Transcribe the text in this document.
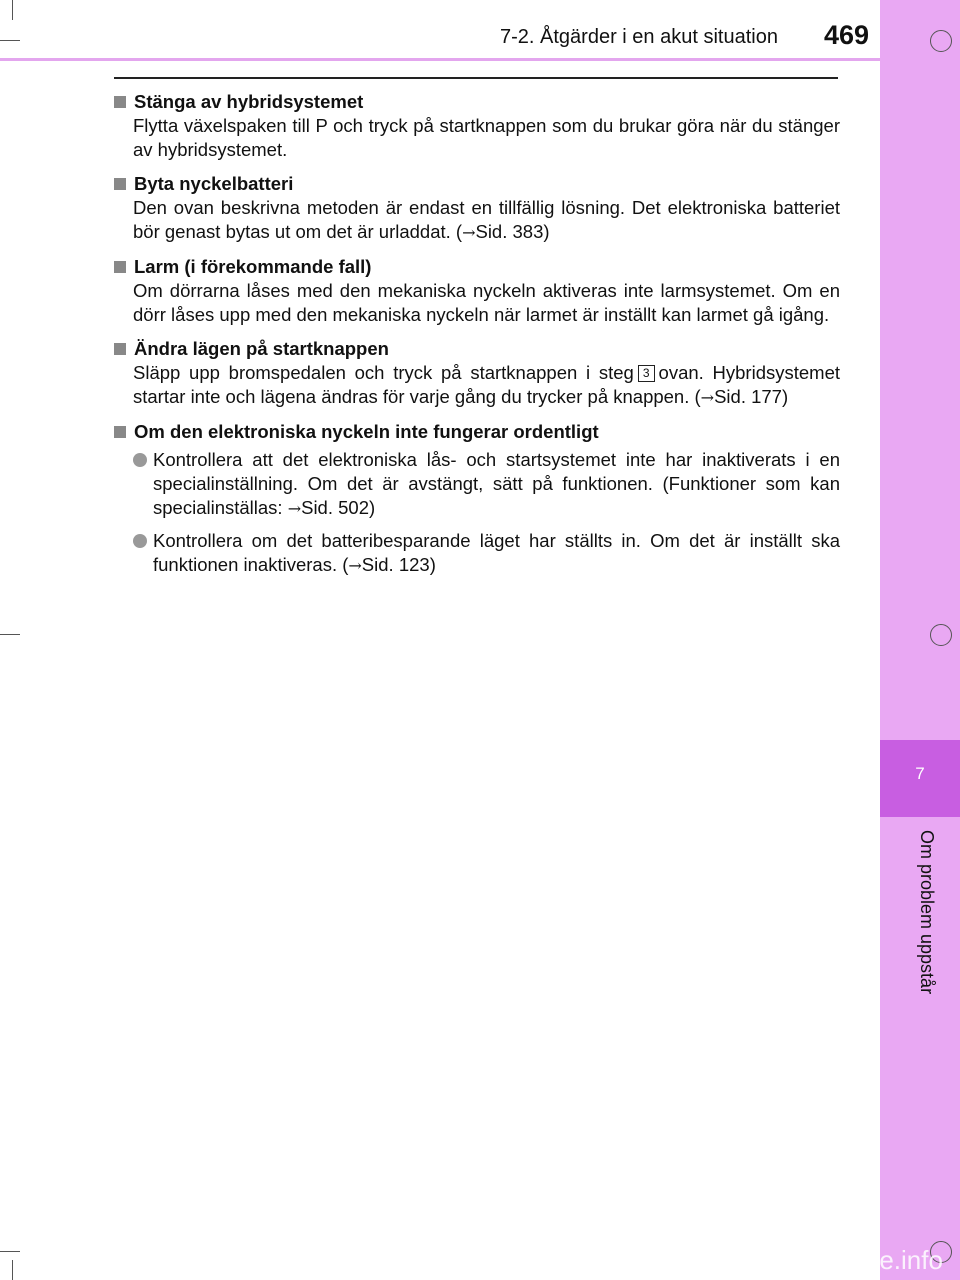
7
Om problem uppstår
7-2. Åtgärder i en akut situation 469
Stänga av hybridsystemet
Flytta växelspaken till P och tryck på startknappen som du brukar göra när du stänger av hybridsystemet.
Byta nyckelbatteri
Den ovan beskrivna metoden är endast en tillfällig lösning. Det elektroniska batteriet bör genast bytas ut om det är urladdat. (→Sid. 383)
Larm (i förekommande fall)
Om dörrarna låses med den mekaniska nyckeln aktiveras inte larmsystemet. Om en dörr låses upp med den mekaniska nyckeln när larmet är inställt kan larmet gå igång.
Ändra lägen på startknappen
Släpp upp bromspedalen och tryck på startknappen i steg 3 ovan. Hybridsystemet startar inte och lägena ändras för varje gång du trycker på knappen. (→Sid. 177)
Om den elektroniska nyckeln inte fungerar ordentligt
Kontrollera att det elektroniska lås- och startsystemet inte har inaktiverats i en specialinställning. Om det är avstängt, sätt på funktionen. (Funktioner som kan specialinställas: →Sid. 502)
Kontrollera om det batteribesparande läget har ställts in. Om det är inställt ska funktionen inaktiveras. (→Sid. 123)
carmanualsonline.info
